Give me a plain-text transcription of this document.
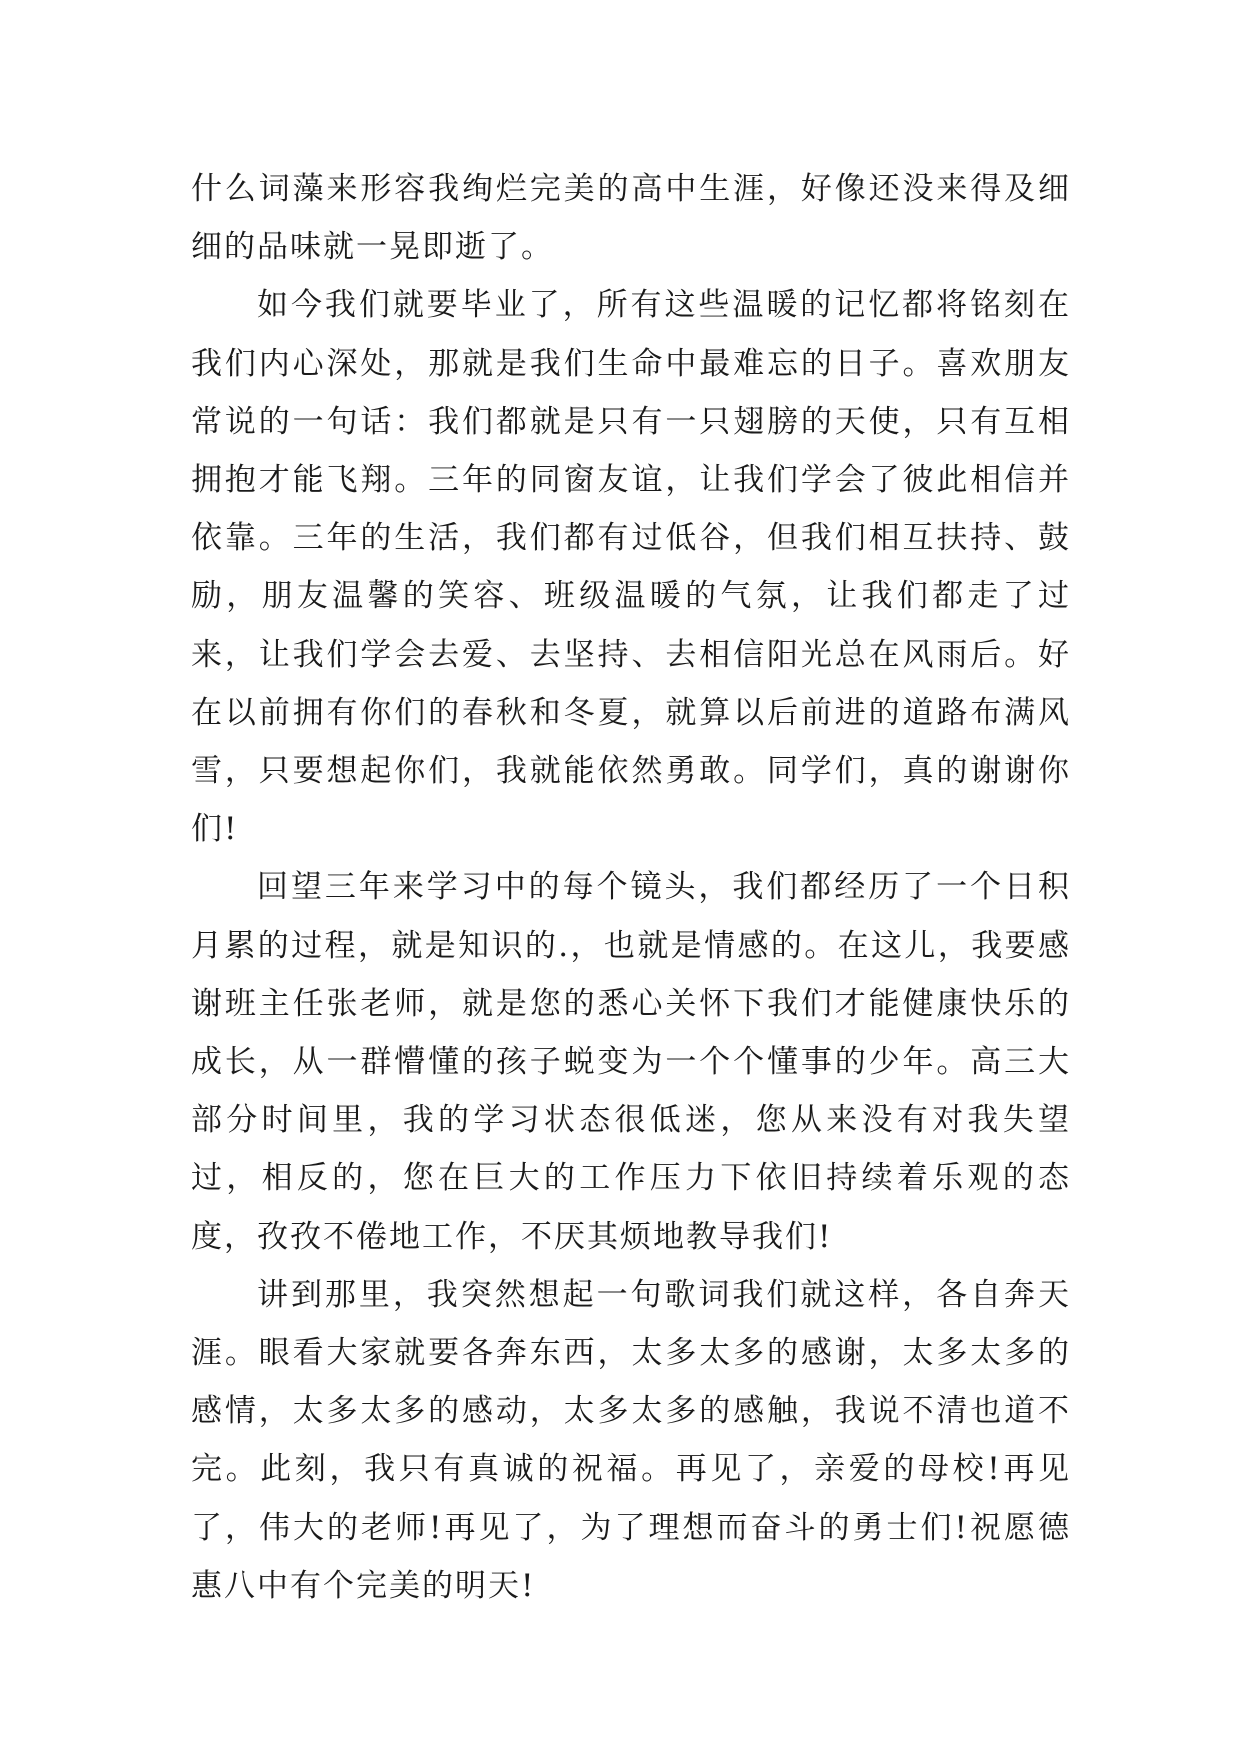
什么词藻来形容我绚烂完美的高中生涯，好像还没来得及细细的品味就一晃即逝了。

如今我们就要毕业了，所有这些温暖的记忆都将铭刻在我们内心深处，那就是我们生命中最难忘的日子。喜欢朋友常说的一句话：我们都就是只有一只翅膀的天使，只有互相拥抱才能飞翔。三年的同窗友谊，让我们学会了彼此相信并依靠。三年的生活，我们都有过低谷，但我们相互扶持、鼓励，朋友温馨的笑容、班级温暖的气氛，让我们都走了过来，让我们学会去爱、去坚持、去相信阳光总在风雨后。好在以前拥有你们的春秋和冬夏，就算以后前进的道路布满风雪，只要想起你们，我就能依然勇敢。同学们，真的谢谢你们!

回望三年来学习中的每个镜头，我们都经历了一个日积月累的过程，就是知识的.，也就是情感的。在这儿，我要感谢班主任张老师，就是您的悉心关怀下我们才能健康快乐的成长，从一群懵懂的孩子蜕变为一个个懂事的少年。高三大部分时间里，我的学习状态很低迷，您从来没有对我失望过，相反的，您在巨大的工作压力下依旧持续着乐观的态度，孜孜不倦地工作，不厌其烦地教导我们!

讲到那里，我突然想起一句歌词我们就这样，各自奔天涯。眼看大家就要各奔东西，太多太多的感谢，太多太多的感情，太多太多的感动，太多太多的感触，我说不清也道不完。此刻，我只有真诚的祝福。再见了，亲爱的母校!再见了，伟大的老师!再见了，为了理想而奋斗的勇士们!祝愿德惠八中有个完美的明天!
